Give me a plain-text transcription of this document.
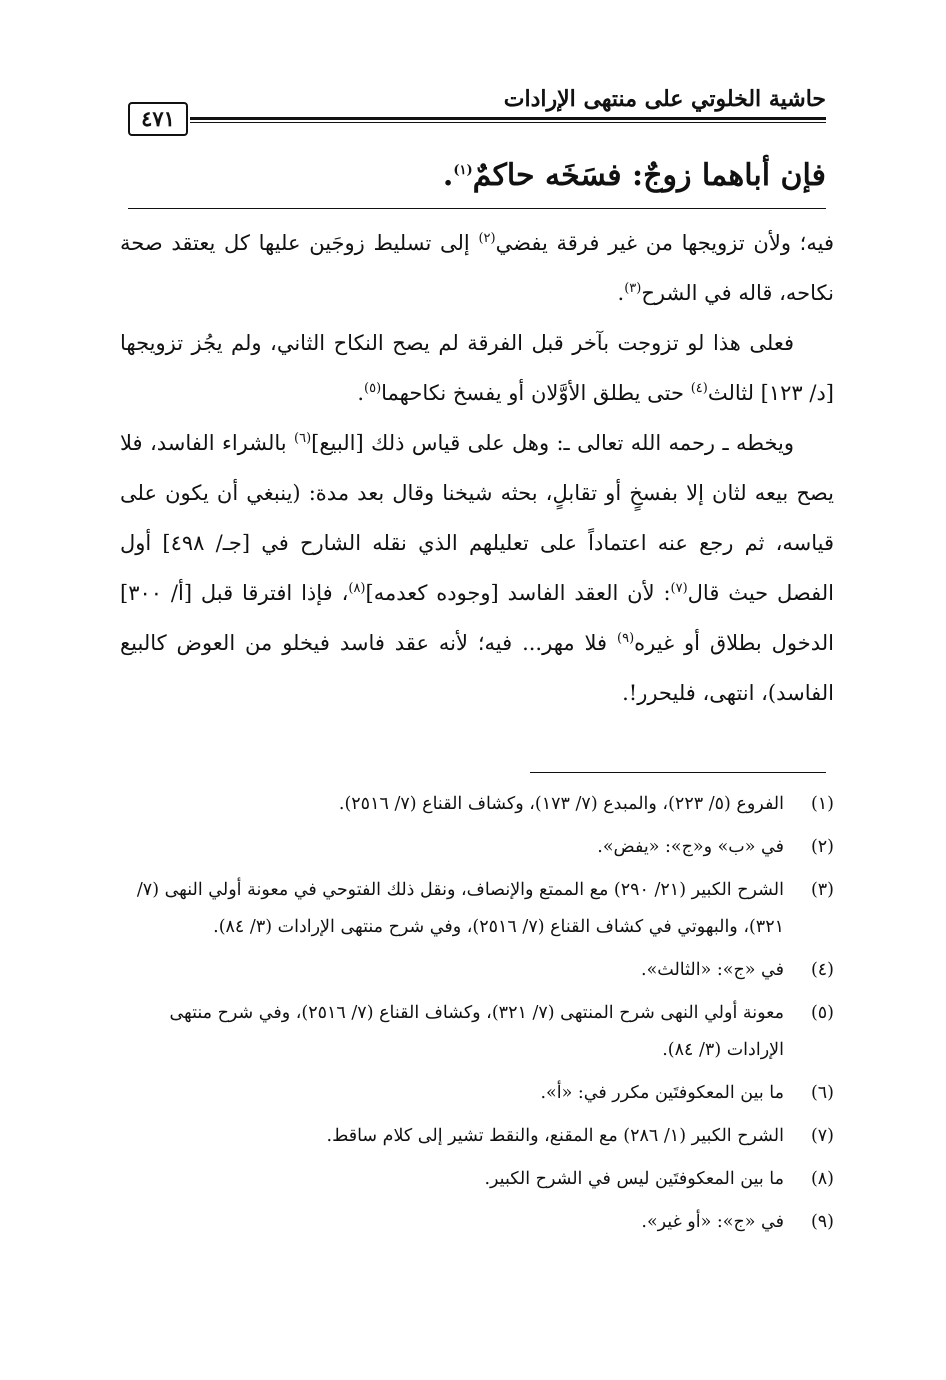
حاشية الخلوتي على منتهى الإرادات
٤٧١
فإن أباهما زوجٌ: فسَخَه حاكمٌ$^{(١)}$.

فيه؛ ولأن تزويجها من غير فرقة يفضي$^{(٢)}$ إلى تسليط زوجَين عليها كل يعتقد صحة نكاحه، قاله في الشرح$^{(٣)}$.

فعلى هذا لو تزوجت بآخر قبل الفرقة لم يصح النكاح الثاني، ولم يجُز تزويجها [د/ ١٢٣] لثالث$^{(٤)}$ حتى يطلق الأوَّلان أو يفسخ نكاحهما$^{(٥)}$.

ويخطه ـ رحمه الله تعالى ـ: وهل على قياس ذلك [البيع]$^{(٦)}$ بالشراء الفاسد، فلا يصح بيعه لثان إلا بفسخٍ أو تقابلٍ، بحثه شيخنا وقال بعد مدة: (ينبغي أن يكون على قياسه، ثم رجع عنه اعتماداً على تعليلهم الذي نقله الشارح في [جـ/ ٤٩٨] أول الفصل حيث قال$^{(٧)}$: لأن العقد الفاسد [وجوده كعدمه]$^{(٨)}$، فإذا افترقا قبل [أ/ ٣٠٠] الدخول بطلاق أو غيره$^{(٩)}$ فلا مهر... فيه؛ لأنه عقد فاسد فيخلو من العوض كالبيع الفاسد)، انتهى، فليحرر!.

(١)
الفروع (٥/ ٢٢٣)، والمبدع (٧/ ١٧٣)، وكشاف القناع (٧/ ٢٥١٦).
(٢)
في «ب» و«ج»: «يفض».
(٣)
الشرح الكبير (٢١/ ٢٩٠) مع الممتع والإنصاف، ونقل ذلك الفتوحي في معونة أولي النهى (٧/ ٣٢١)، والبهوتي في كشاف القناع (٧/ ٢٥١٦)، وفي شرح منتهى الإرادات (٣/ ٨٤).
(٤)
في «ج»: «الثالث».
(٥)
معونة أولي النهى شرح المنتهى (٧/ ٣٢١)، وكشاف القناع (٧/ ٢٥١٦)، وفي شرح منتهى الإرادات (٣/ ٨٤).
(٦)
ما بين المعكوفتَين مكرر في: «أ».
(٧)
الشرح الكبير (١/ ٢٨٦) مع المقنع، والنقط تشير إلى كلام ساقط.
(٨)
ما بين المعكوفتَين ليس في الشرح الكبير.
(٩)
في «ج»: «أو غير».
